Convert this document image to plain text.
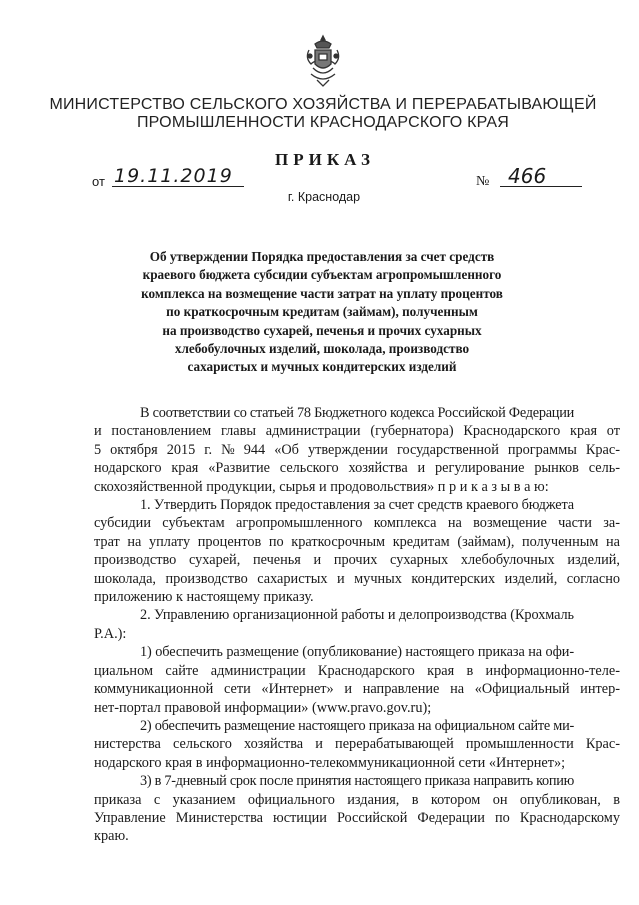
МИНИСТЕРСТВО СЕЛЬСКОГО ХОЗЯЙСТВА И ПЕРЕРАБАТЫВАЮЩЕЙ
ПРОМЫШЛЕННОСТИ КРАСНОДАРСКОГО КРАЯ
ПРИКАЗ
от 19.11.2019	№ 466
г. Краснодар
Об утверждении Порядка предоставления за счет средств
краевого бюджета субсидии субъектам агропромышленного
комплекса на возмещение части затрат на уплату процентов
по краткосрочным кредитам (займам), полученным
на производство сухарей, печенья и прочих сухарных
хлебобулочных изделий, шоколада, производство
сахаристых и мучных кондитерских изделий

В соответствии со статьей 78 Бюджетного кодекса Российской Федерации
и постановлением главы администрации (губернатора) Краснодарского края от
5 октября 2015 г. № 944 «Об утверждении государственной программы Крас-
нодарского края «Развитие сельского хозяйства и регулирование рынков сель-
скохозяйственной продукции, сырья и продовольствия» п р и к а з ы в а ю:

1. Утвердить Порядок предоставления за счет средств краевого бюджета
субсидии субъектам агропромышленного комплекса на возмещение части за-
трат на уплату процентов по краткосрочным кредитам (займам), полученным на
производство сухарей, печенья и прочих сухарных хлебобулочных изделий,
шоколада, производство сахаристых и мучных кондитерских изделий, согласно
приложению к настоящему приказу.

2. Управлению организационной работы и делопроизводства (Крохмаль
Р.А.):

1) обеспечить размещение (опубликование) настоящего приказа на офи-
циальном сайте администрации Краснодарского края в информационно-теле-
коммуникационной сети «Интернет» и направление на «Официальный интер-
нет-портал правовой информации» (www.pravo.gov.ru);

2) обеспечить размещение настоящего приказа на официальном сайте ми-
нистерства сельского хозяйства и перерабатывающей промышленности Крас-
нодарского края в информационно-телекоммуникационной сети «Интернет»;

3) в 7-дневный срок после принятия настоящего приказа направить копию
приказа с указанием официального издания, в котором он опубликован, в
Управление Министерства юстиции Российской Федерации по Краснодарскому
краю.
